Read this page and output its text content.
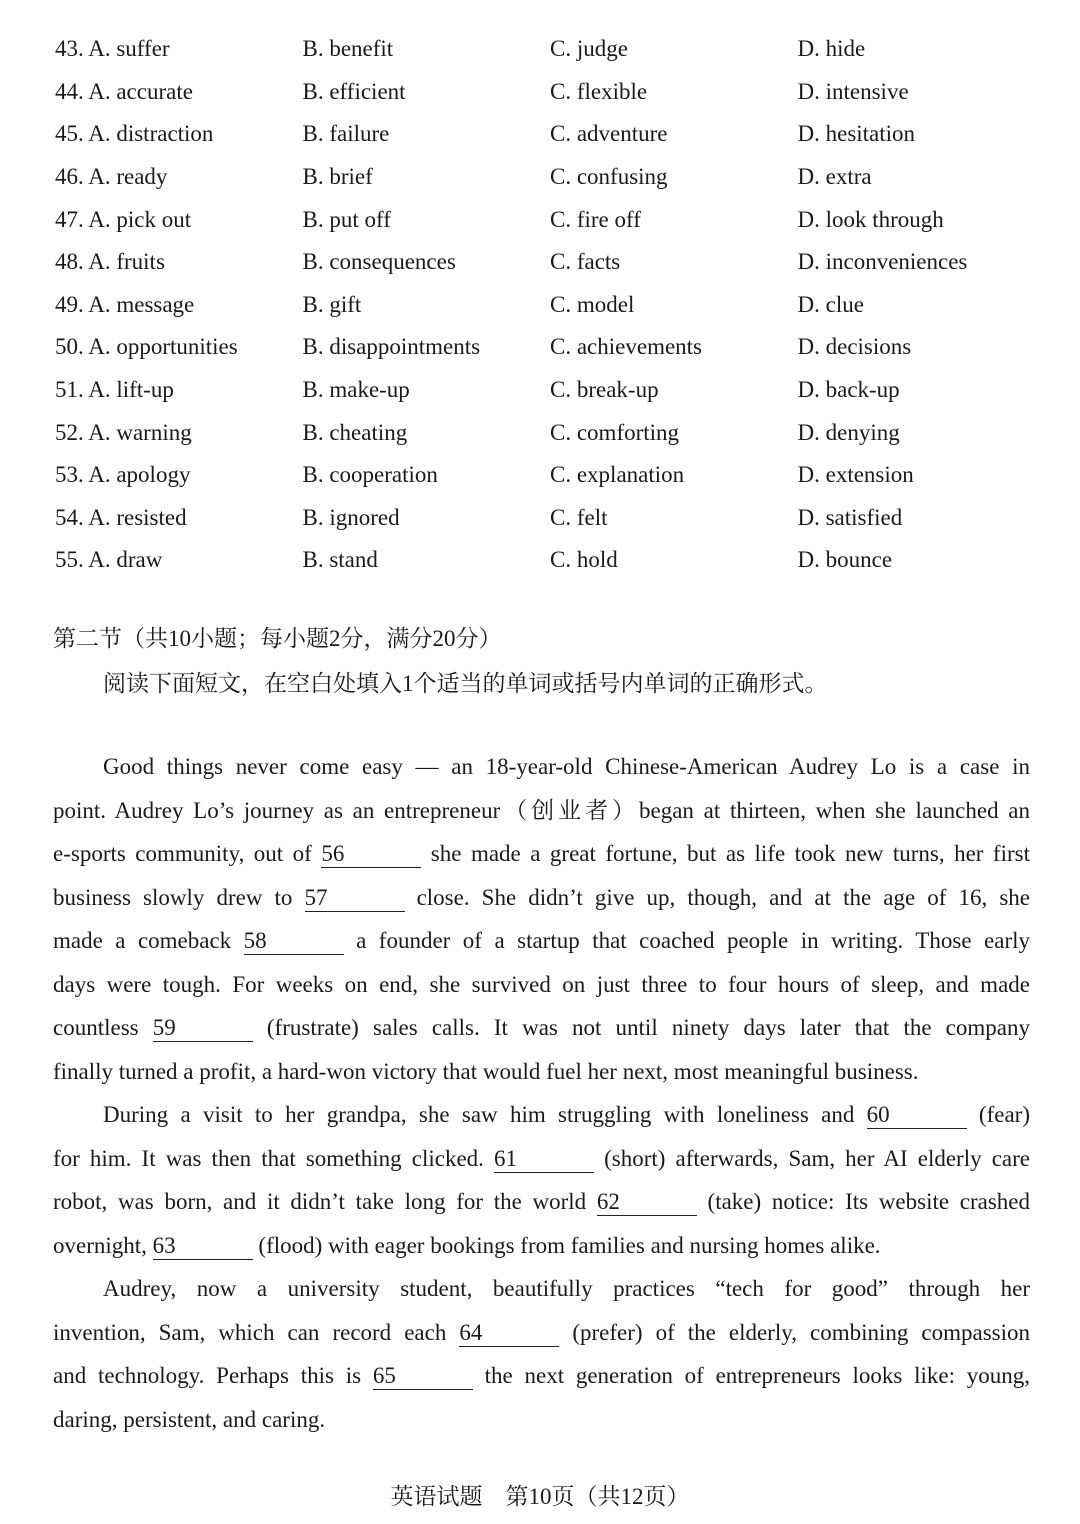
43. A. suffer	B. benefit	C. judge	D. hide
44. A. accurate	B. efficient	C. flexible	D. intensive
45. A. distraction	B. failure	C. adventure	D. hesitation
46. A. ready	B. brief	C. confusing	D. extra
47. A. pick out	B. put off	C. fire off	D. look through
48. A. fruits	B. consequences	C. facts	D. inconveniences
49. A. message	B. gift	C. model	D. clue
50. A. opportunities	B. disappointments	C. achievements	D. decisions
51. A. lift-up	B. make-up	C. break-up	D. back-up
52. A. warning	B. cheating	C. comforting	D. denying
53. A. apology	B. cooperation	C. explanation	D. extension
54. A. resisted	B. ignored	C. felt	D. satisfied
55. A. draw	B. stand	C. hold	D. bounce
第二节（共10小题；每小题2分，满分20分）
阅读下面短文，在空白处填入1个适当的单词或括号内单词的正确形式。
Good things never come easy — an 18-year-old Chinese-American Audrey Lo is a case in
point. Audrey Lo’s journey as an entrepreneur（创业者）began at thirteen, when she launched an
e-sports community, out of 56	she made a great fortune, but as life took new turns, her first
business slowly drew to 57	close. She didn’t give up, though, and at the age of 16, she
made a comeback 58	a founder of a startup that coached people in writing. Those early
days were tough. For weeks on end, she survived on just three to four hours of sleep, and made
countless 59	(frustrate) sales calls. It was not until ninety days later that the company
finally turned a profit, a hard-won victory that would fuel her next, most meaningful business.
During a visit to her grandpa, she saw him struggling with loneliness and 60	(fear)
for him. It was then that something clicked. 61	(short) afterwards, Sam, her AI elderly care
robot, was born, and it didn’t take long for the world 62	(take) notice: Its website crashed
overnight, 63	(flood) with eager bookings from families and nursing homes alike.
Audrey, now a university student, beautifully practices “tech for good” through her
invention, Sam, which can record each 64	(prefer) of the elderly, combining compassion
and technology. Perhaps this is 65	the next generation of entrepreneurs looks like: young,
daring, persistent, and caring.
英语试题　第10页（共12页）
